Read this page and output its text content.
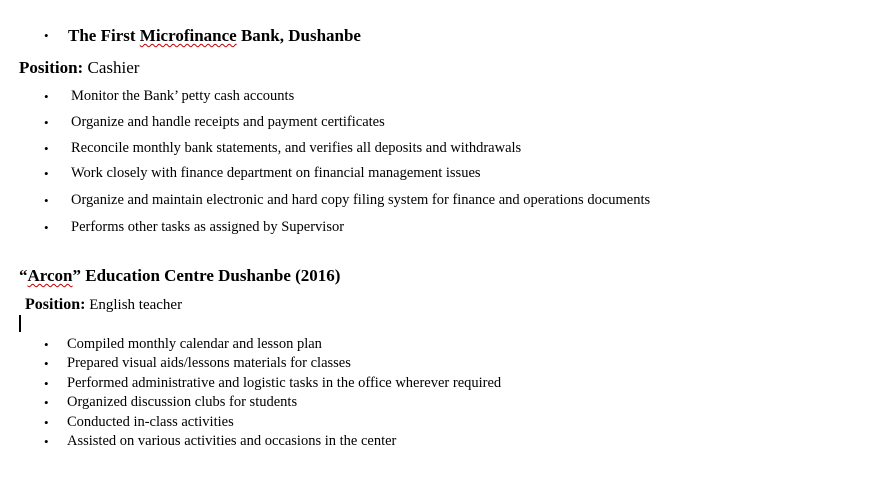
• The First Microfinance Bank, Dushanbe
Position: Cashier
• Monitor the Bank’ petty cash accounts
• Organize and handle receipts and payment certificates
• Reconcile monthly bank statements, and verifies all deposits and withdrawals
• Work closely with finance department on financial management issues
• Organize and maintain electronic and hard copy filing system for finance and operations documents
• Performs other tasks as assigned by Supervisor
“Arcon” Education Centre Dushanbe (2016)
Position: English teacher
• Compiled monthly calendar and lesson plan
• Prepared visual aids/lessons materials for classes
• Performed administrative and logistic tasks in the office wherever required
• Organized discussion clubs for students
• Conducted in-class activities
• Assisted on various activities and occasions in the center
